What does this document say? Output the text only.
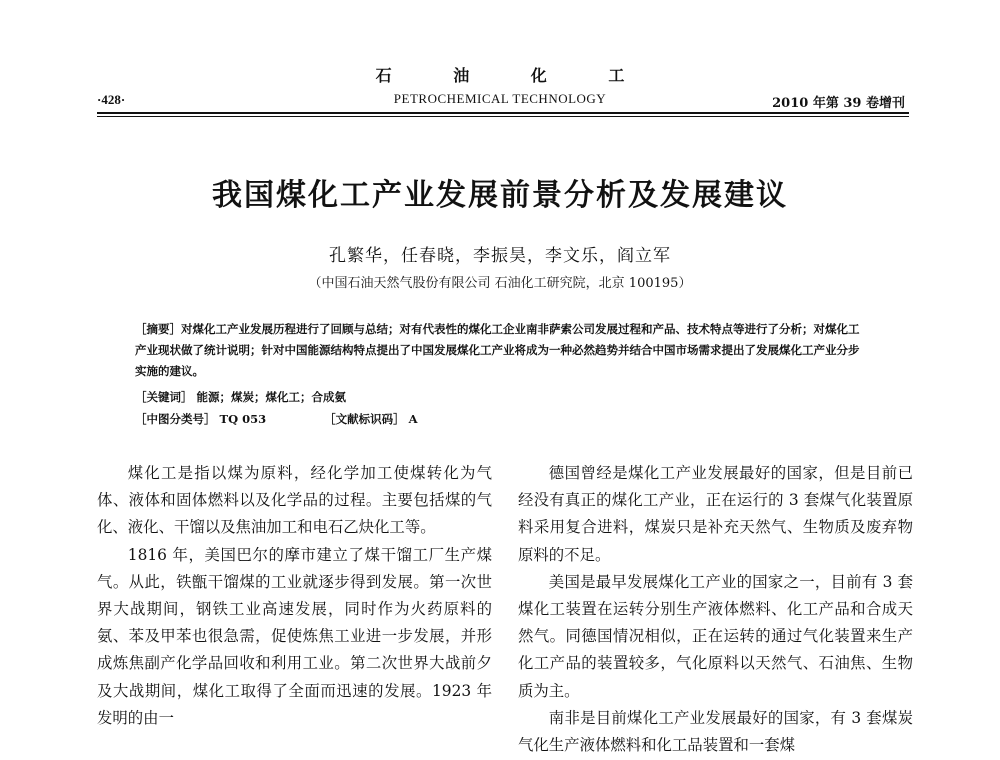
石 油 化 工
·428·	PETROCHEMICAL TECHNOLOGY	2010 年第 39 卷增刊
我国煤化工产业发展前景分析及发展建议
孔繁华，任春晓，李振昊，李文乐，阎立军
（中国石油天然气股份有限公司 石油化工研究院，北京 100195）

［摘要］对煤化工产业发展历程进行了回顾与总结；对有代表性的煤化工企业南非萨索公司发展过程和产品、技术特点等进行了分析；对煤化工产业现状做了统计说明；针对中国能源结构特点提出了中国发展煤化工产业将成为一种必然趋势并结合中国市场需求提出了发展煤化工产业分步实施的建议。

［关键词］ 能源；煤炭；煤化工；合成氨
［中图分类号］ TQ 053	［文献标识码］ A

煤化工是指以煤为原料，经化学加工使煤转化为气体、液体和固体燃料以及化学品的过程。主要包括煤的气化、液化、干馏以及焦油加工和电石乙炔化工等。

1816 年，美国巴尔的摩市建立了煤干馏工厂生产煤气。从此，铁甑干馏煤的工业就逐步得到发展。第一次世界大战期间，钢铁工业高速发展，同时作为火药原料的氨、苯及甲苯也很急需，促使炼焦工业进一步发展，并形成炼焦副产化学品回收和利用工业。第二次世界大战前夕及大战期间，煤化工取得了全面而迅速的发展。1923 年发明的由一

德国曾经是煤化工产业发展最好的国家，但是目前已经没有真正的煤化工产业，正在运行的 3 套煤气化装置原料采用复合进料，煤炭只是补充天然气、生物质及废弃物原料的不足。

美国是最早发展煤化工产业的国家之一，目前有 3 套煤化工装置在运转分别生产液体燃料、化工产品和合成天然气。同德国情况相似，正在运转的通过气化装置来生产化工产品的装置较多，气化原料以天然气、石油焦、生物质为主。

南非是目前煤化工产业发展最好的国家，有 3 套煤炭气化生产液体燃料和化工品装置和一套煤
